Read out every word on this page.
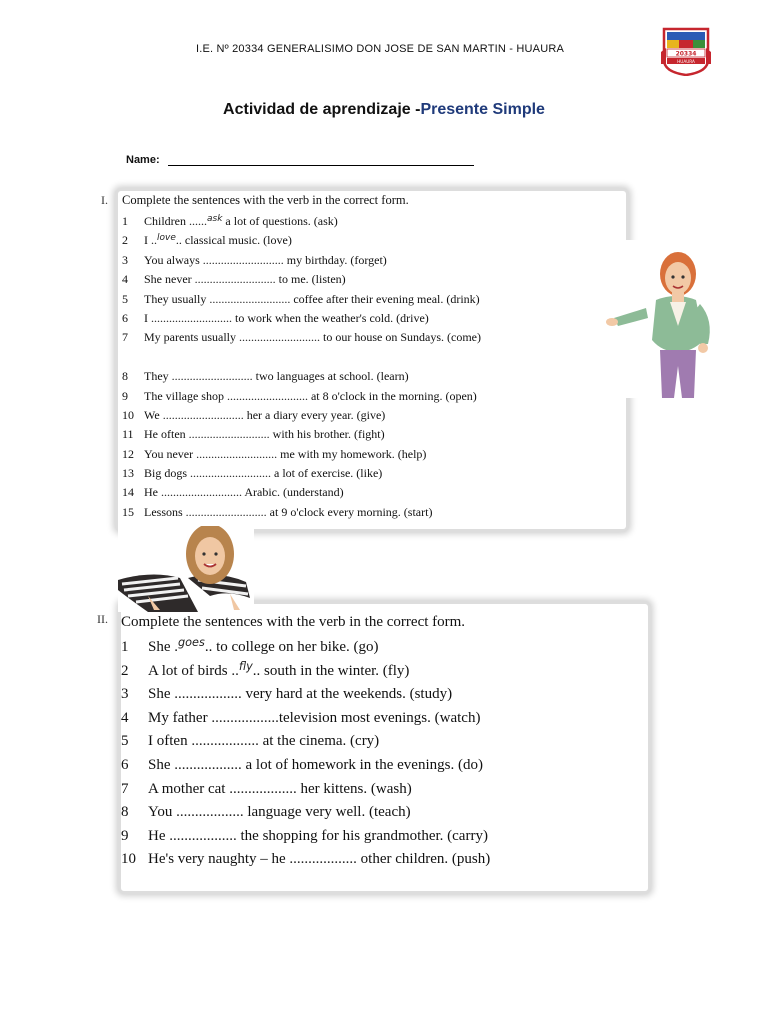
I.E. Nº 20334 GENERALISIMO DON JOSE DE SAN MARTIN - HUAURA	20334
HUAURA
Actividad de aprendizaje -Presente Simple
Name:
I. Complete the sentences with the verb in the correct form.
1	Children ......$^{ask}$ a lot of questions. (ask)
2	I ..$^{love}$.. classical music. (love)
3	You always ........................... my birthday. (forget)
4	She never ........................... to me. (listen)
5	They usually ........................... coffee after their evening meal. (drink)
6	I ........................... to work when the weather's cold. (drive)
7	My parents usually ........................... to our house on Sundays. (come)
8	They ........................... two languages at school. (learn)
9	The village shop ........................... at 8 o'clock in the morning. (open)
10 We ........................... her a diary every year. (give)
11 He often ........................... with his brother. (fight)
12 You never ........................... me with my homework. (help)
13 Big dogs ........................... a lot of exercise. (like)
14 He ........................... Arabic. (understand)
15 Lessons ........................... at 9 o'clock every morning. (start)
II. Complete the sentences with the verb in the correct form.
1	She .$^{goes}$.. to college on her bike. (go)
2	A lot of birds ..$^{fly}$.. south in the winter. (fly)
3	She .................. very hard at the weekends. (study)
4	My father ..................television most evenings. (watch)
5	I often .................. at the cinema. (cry)
6	She .................. a lot of homework in the evenings. (do)
7	A mother cat .................. her kittens. (wash)
8	You .................. language very well. (teach)
9	He .................. the shopping for his grandmother. (carry)
10 He's very naughty – he .................. other children. (push)
